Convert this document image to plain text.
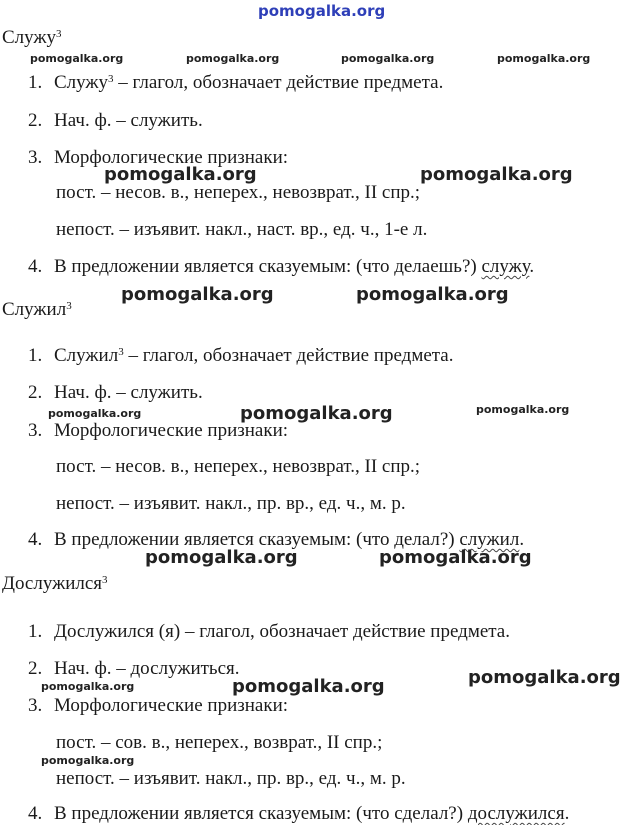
pomogalka.org
Служу$^3$
1. Служу$^3$ – глагол, обозначает действие предмета.
2. Нач. ф. – служить.
3. Морфологические признаки:
пост. – несов. в., неперех., невозврат., II спр.;
непост. – изъявит. накл., наст. вр., ед. ч., 1-е л.
4. В предложении является сказуемым: (что делаешь?) служу.
Служил$^3$
1. Служил$^3$ – глагол, обозначает действие предмета.
2. Нач. ф. – служить.
3. Морфологические признаки:
пост. – несов. в., неперех., невозврат., II спр.;
непост. – изъявит. накл., пр. вр., ед. ч., м. р.
4. В предложении является сказуемым: (что делал?) служил.
Дослужился$^3$
1. Дослужился (я) – глагол, обозначает действие предмета.
2. Нач. ф. – дослужиться.
3. Морфологические признаки:
пост. – сов. в., неперех., возврат., II спр.;
непост. – изъявит. накл., пр. вр., ед. ч., м. р.
4. В предложении является сказуемым: (что сделал?) дослужился.
pomogalka.org	pomogalka.org	pomogalka.org	pomogalka.org
pomogalka.org	pomogalka.org
pomogalka.org	pomogalka.org
pomogalka.org	pomogalka.org	pomogalka.org
pomogalka.org	pomogalka.org
pomogalka.org	pomogalka.org	pomogalka.org
pomogalka.org
